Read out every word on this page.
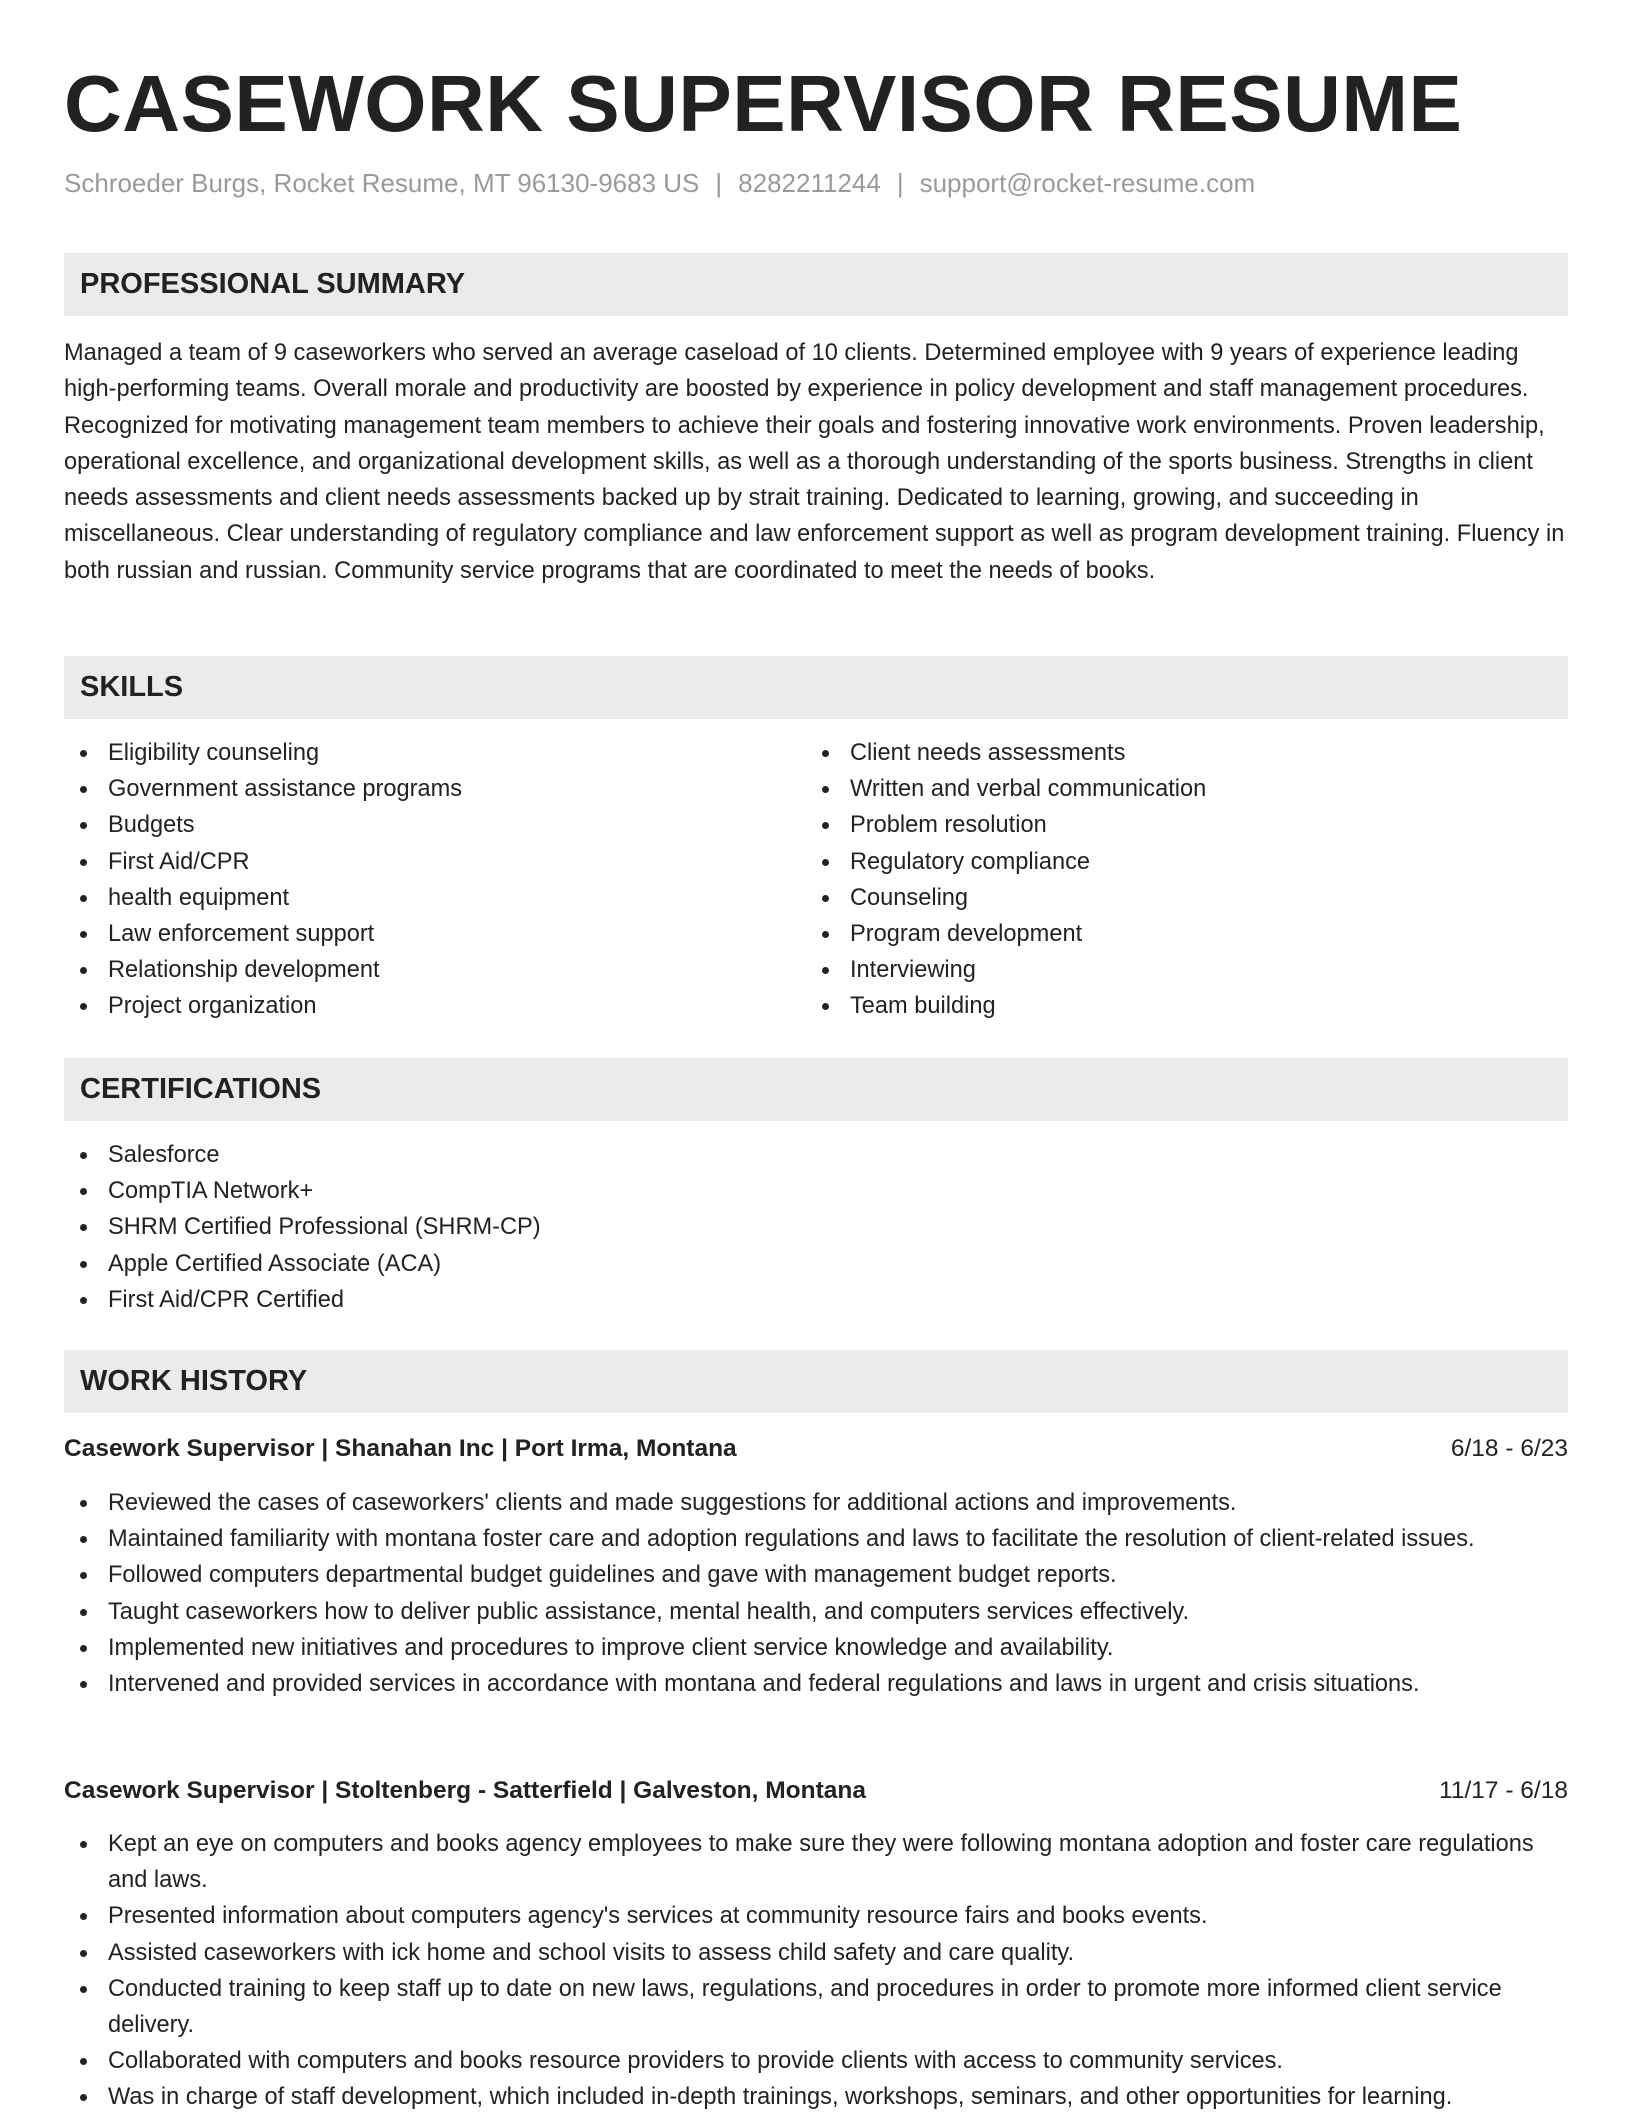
CASEWORK SUPERVISOR RESUME
Schroeder Burgs, Rocket Resume, MT 96130-9683 US | 8282211244 | support@rocket-resume.com
PROFESSIONAL SUMMARY

Managed a team of 9 caseworkers who served an average caseload of 10 clients. Determined employee with 9 years of experience leading high-performing teams. Overall morale and productivity are boosted by experience in policy development and staff management procedures. Recognized for motivating management team members to achieve their goals and fostering innovative work environments. Proven leadership, operational excellence, and organizational development skills, as well as a thorough understanding of the sports business. Strengths in client needs assessments and client needs assessments backed up by strait training. Dedicated to learning, growing, and succeeding in miscellaneous. Clear understanding of regulatory compliance and law enforcement support as well as program development training. Fluency in both russian and russian. Community service programs that are coordinated to meet the needs of books.

SKILLS
Eligibility counseling
Government assistance programs
Budgets
First Aid/CPR
health equipment
Law enforcement support
Relationship development
Project organization
Client needs assessments
Written and verbal communication
Problem resolution
Regulatory compliance
Counseling
Program development
Interviewing
Team building
CERTIFICATIONS
Salesforce
CompTIA Network+
SHRM Certified Professional (SHRM-CP)
Apple Certified Associate (ACA)
First Aid/CPR Certified
WORK HISTORY
Casework Supervisor | Shanahan Inc | Port Irma, Montana	6/18 - 6/23
Reviewed the cases of caseworkers' clients and made suggestions for additional actions and improvements.
Maintained familiarity with montana foster care and adoption regulations and laws to facilitate the resolution of client-related issues.
Followed computers departmental budget guidelines and gave with management budget reports.
Taught caseworkers how to deliver public assistance, mental health, and computers services effectively.
Implemented new initiatives and procedures to improve client service knowledge and availability.
Intervened and provided services in accordance with montana and federal regulations and laws in urgent and crisis situations.
Casework Supervisor | Stoltenberg - Satterfield | Galveston, Montana	11/17 - 6/18
Kept an eye on computers and books agency employees to make sure they were following montana adoption and foster care regulations and laws.
Presented information about computers agency's services at community resource fairs and books events.
Assisted caseworkers with ick home and school visits to assess child safety and care quality.
Conducted training to keep staff up to date on new laws, regulations, and procedures in order to promote more informed client service delivery.
Collaborated with computers and books resource providers to provide clients with access to community services.
Was in charge of staff development, which included in-depth trainings, workshops, seminars, and other opportunities for learning.
